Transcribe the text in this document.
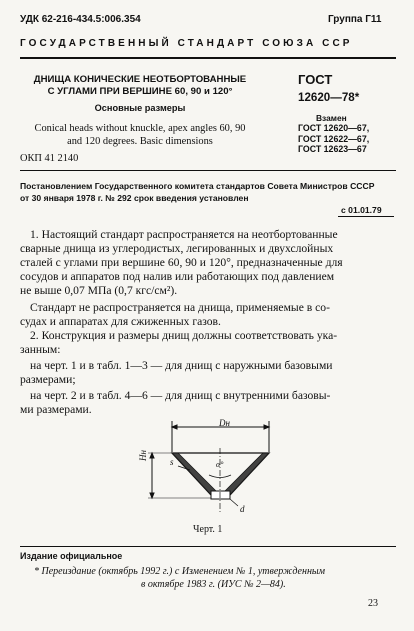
УДК 62-216-434.5:006.354	Группа Г11
ГОСУДАРСТВЕННЫЙ СТАНДАРТ СОЮЗА ССР
ДНИЩА КОНИЧЕСКИЕ НЕОТБОРТОВАННЫЕ
С УГЛАМИ ПРИ ВЕРШИНЕ 60, 90 и 120°
Основные размеры
Conical heads without knuckle, apex angles 60, 90
and 120 degrees. Basic dimensions
ОКП 41 2140
ГОСТ
12620—78*
Взамен
ГОСТ 12620—67,
ГОСТ 12622—67,
ГОСТ 12623—67
Постановлением Государственного комитета стандартов Совета Министров СССР
от 30 января 1978 г. № 292 срок введения установлен
с 01.01.79
1. Настоящий стандарт распространяется на неотбортованные
сварные днища из углеродистых, легированных и двухслойных
сталей с углами при вершине 60, 90 и 120°, предназначенные для
сосудов и аппаратов под налив или работающих под давлением
не выше 0,07 МПа (0,7 кгс/см²).
Стандарт не распространяется на днища, применяемые в со-
судах и аппаратах для сжиженных газов.
2. Конструкция и размеры днищ должны соответствовать ука-
занным:
на черт. 1 и в табл. 1—3 — для днищ с наружными базовыми
размерами;
на черт. 2 и в табл. 4—6 — для днищ с внутренними базовы-
ми размерами.
Dн
Hн
s	α°
d
Черт. 1
Издание официальное
* Переиздание (октябрь 1992 г.) с Изменением № 1, утвержденным
в октябре 1983 г. (ИУС № 2—84).
23
